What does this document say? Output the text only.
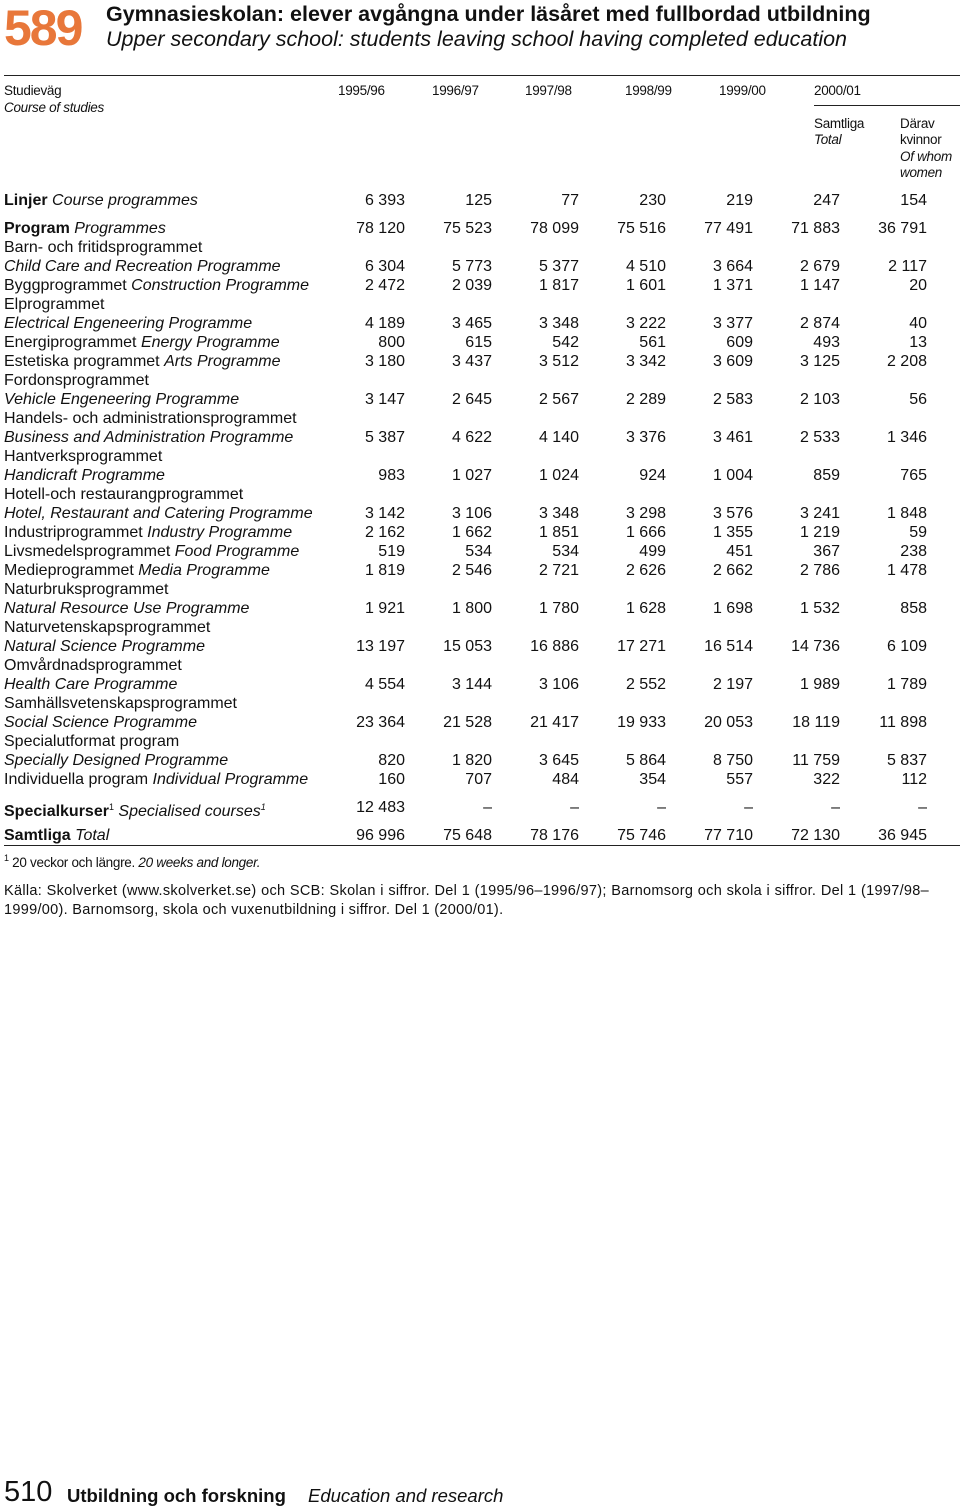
589 Gymnasieskolan: elever avgångna under läsåret med fullbordad utbildning
Upper secondary school: students leaving school having completed education
Studieväg
Course of studies
1995/96	1996/97	1997/98	1998/99	1999/00	2000/01
Samtliga
Total
Därav
kvinnor
Of whom
women
Linjer Course programmes	6 393	125	77	230	219	247	154
Program Programmes	78 120	75 523	78 099	75 516	77 491	71 883	36 791
Barn- och fritidsprogrammet
Child Care and Recreation Programme	6 304	5 773	5 377	4 510	3 664	2 679	2 117
Byggprogrammet Construction Programme	2 472	2 039	1 817	1 601	1 371	1 147	20
Elprogrammet
Electrical Engeneering Programme	4 189	3 465	3 348	3 222	3 377	2 874	40
Energiprogrammet Energy Programme	800	615	542	561	609	493	13
Estetiska programmet Arts Programme	3 180	3 437	3 512	3 342	3 609	3 125	2 208
Fordonsprogrammet
Vehicle Engeneering Programme	3 147	2 645	2 567	2 289	2 583	2 103	56
Handels- och administrationsprogrammet
Business and Administration Programme	5 387	4 622	4 140	3 376	3 461	2 533	1 346
Hantverksprogrammet
Handicraft Programme	983	1 027	1 024	924	1 004	859	765
Hotell-och restaurangprogrammet
Hotel, Restaurant and Catering Programme	3 142	3 106	3 348	3 298	3 576	3 241	1 848
Industriprogrammet Industry Programme	2 162	1 662	1 851	1 666	1 355	1 219	59
Livsmedelsprogrammet Food Programme	519	534	534	499	451	367	238
Medieprogrammet Media Programme	1 819	2 546	2 721	2 626	2 662	2 786	1 478
Naturbruksprogrammet
Natural Resource Use Programme	1 921	1 800	1 780	1 628	1 698	1 532	858
Naturvetenskapsprogrammet
Natural Science Programme	13 197	15 053	16 886	17 271	16 514	14 736	6 109
Omvårdnadsprogrammet
Health Care Programme	4 554	3 144	3 106	2 552	2 197	1 989	1 789
Samhällsvetenskapsprogrammet
Social Science Programme	23 364	21 528	21 417	19 933	20 053	18 119	11 898
Specialutformat program
Specially Designed Programme	820	1 820	3 645	5 864	8 750	11 759	5 837
Individuella program Individual Programme	160	707	484	354	557	322	112
Specialkurser$^1$ Specialised courses$^1$	12 483	–	–	–	–	–	–
Samtliga Total	96 996	75 648	78 176	75 746	77 710	72 130	36 945
$^1$ 20 veckor och längre. 20 weeks and longer.
Källa: Skolverket (www.skolverket.se) och SCB: Skolan i siffror. Del 1 (1995/96–1996/97); Barnomsorg och skola i siffror. Del 1 (1997/98–1999/00). Barnomsorg, skola och vuxenutbildning i siffror. Del 1 (2000/01).
510 Utbildning och forskning Education and research
